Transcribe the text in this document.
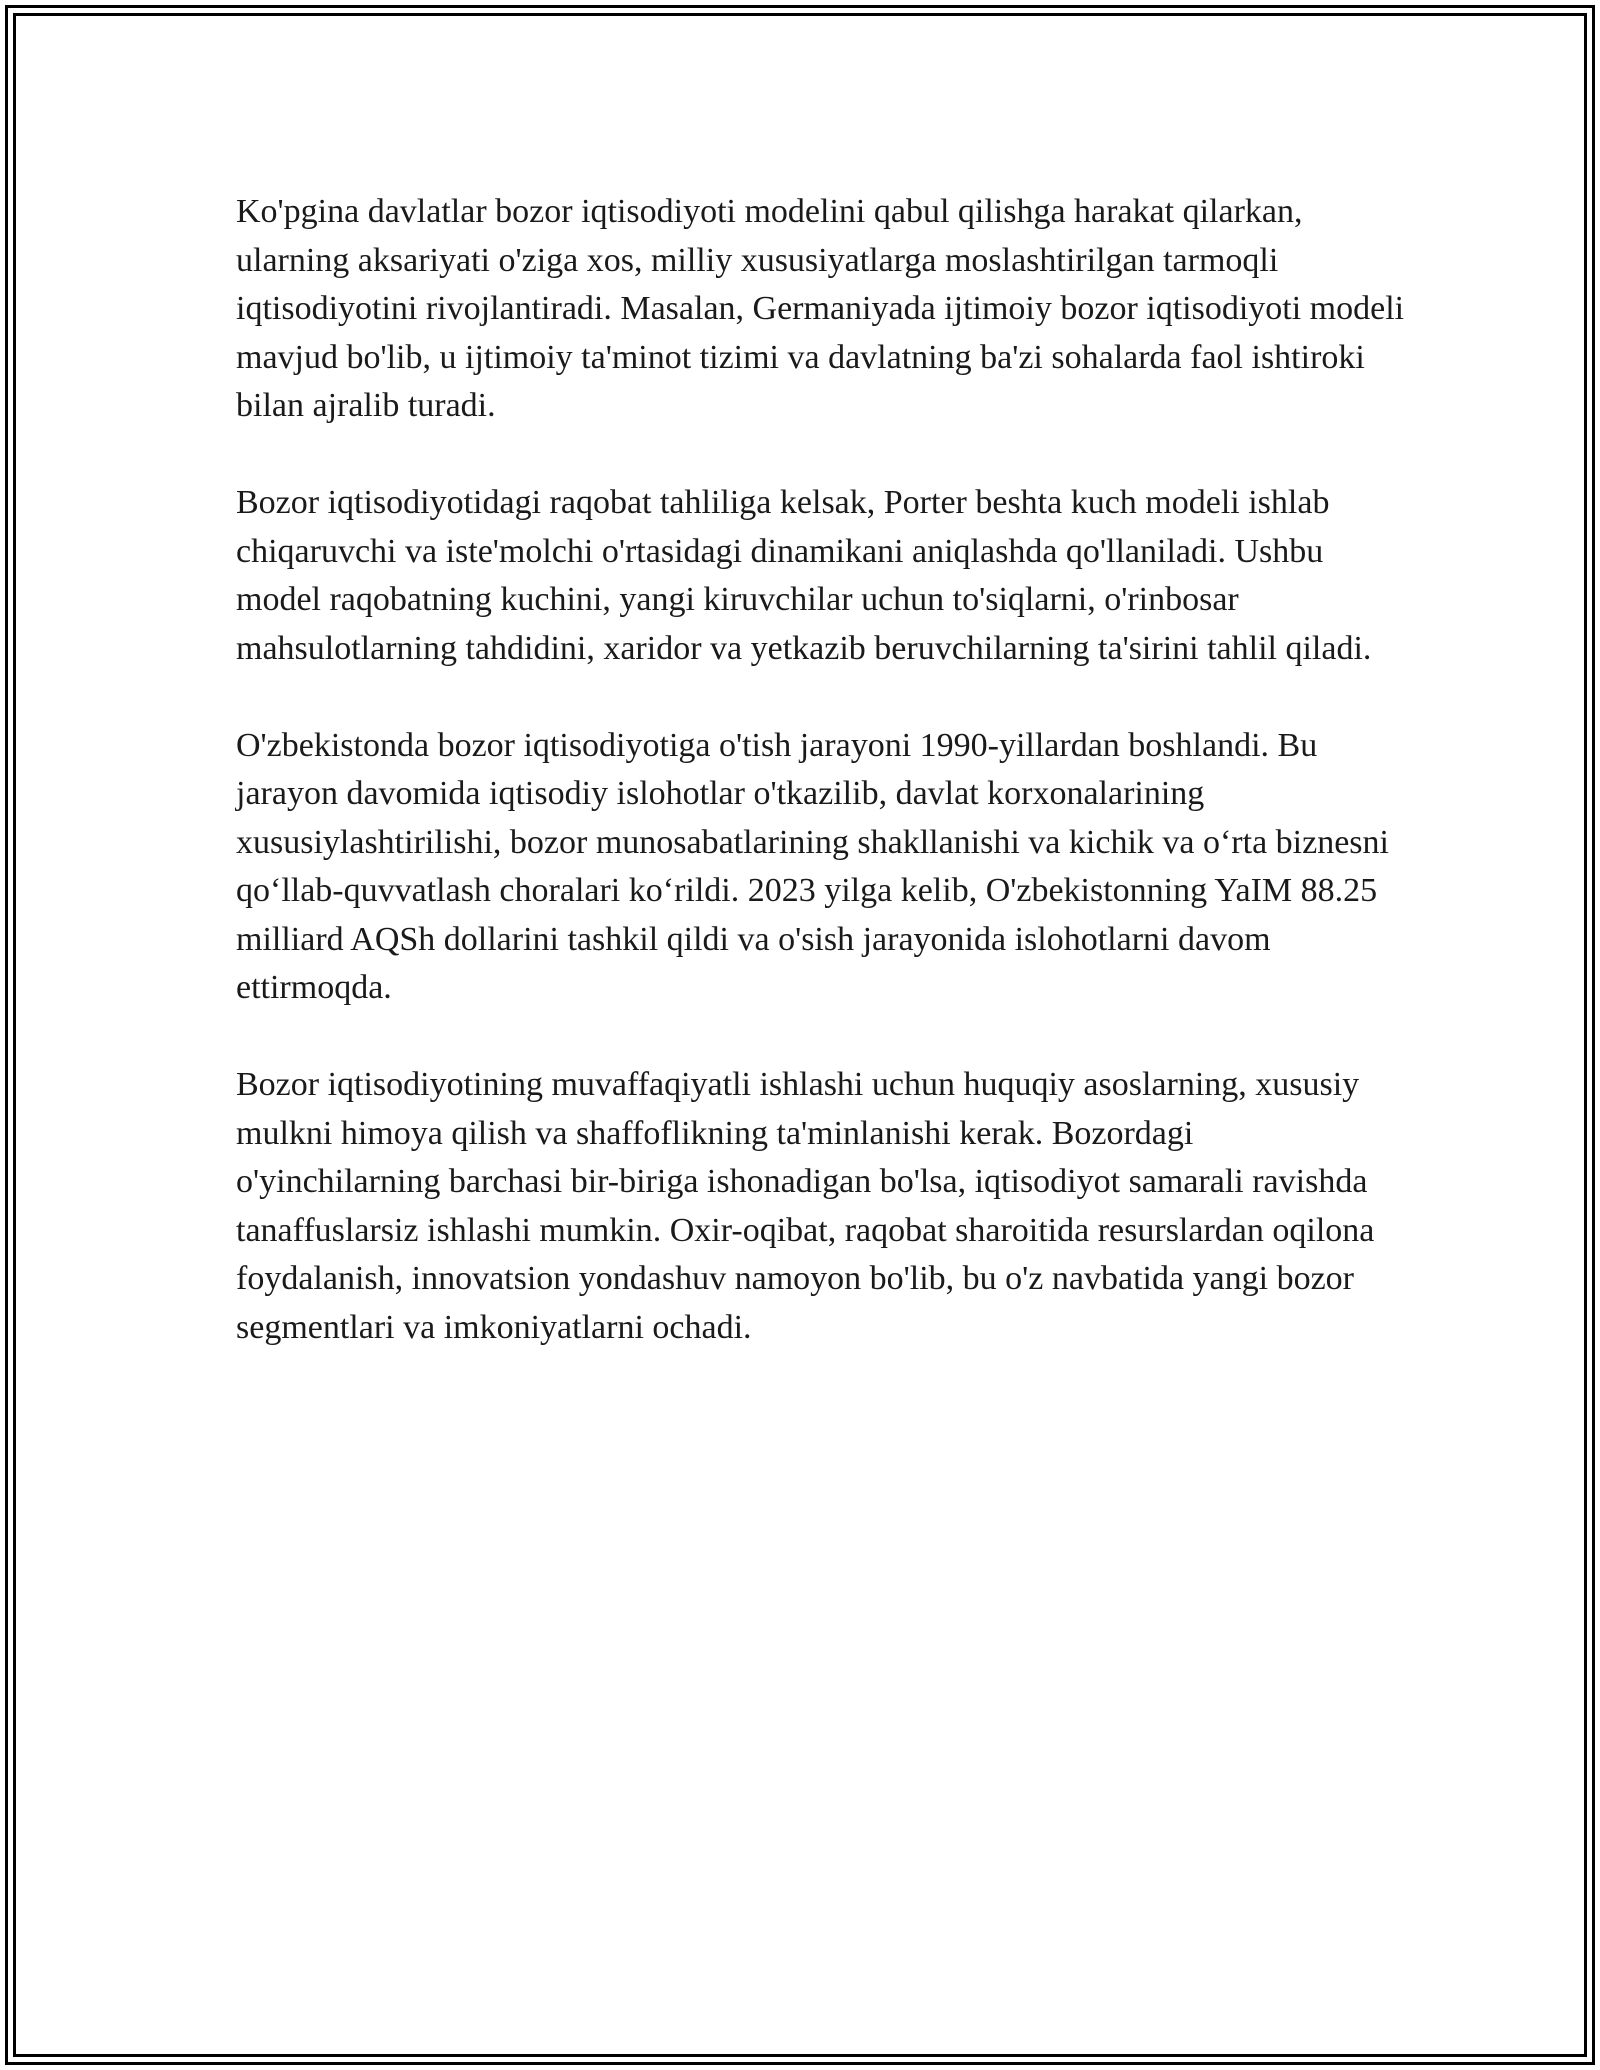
Ko'pgina davlatlar bozor iqtisodiyoti modelini qabul qilishga harakat qilarkan, ularning aksariyati o'ziga xos, milliy xususiyatlarga moslashtirilgan tarmoqli iqtisodiyotini rivojlantiradi. Masalan, Germaniyada ijtimoiy bozor iqtisodiyoti modeli mavjud bo'lib, u ijtimoiy ta'minot tizimi va davlatning ba'zi sohalarda faol ishtiroki bilan ajralib turadi.

Bozor iqtisodiyotidagi raqobat tahliliga kelsak, Porter beshta kuch modeli ishlab chiqaruvchi va iste'molchi o'rtasidagi dinamikani aniqlashda qo'llaniladi. Ushbu model raqobatning kuchini, yangi kiruvchilar uchun to'siqlarni, o'rinbosar mahsulotlarning tahdidini, xaridor va yetkazib beruvchilarning ta'sirini tahlil qiladi.

O'zbekistonda bozor iqtisodiyotiga o'tish jarayoni 1990-yillardan boshlandi. Bu jarayon davomida iqtisodiy islohotlar o'tkazilib, davlat korxonalarining xususiylashtirilishi, bozor munosabatlarining shakllanishi va kichik va o‘rta biznesni qo‘llab-quvvatlash choralari ko‘rildi. 2023 yilga kelib, O'zbekistonning YaIM 88.25 milliard AQSh dollarini tashkil qildi va o'sish jarayonida islohotlarni davom ettirmoqda.

Bozor iqtisodiyotining muvaffaqiyatli ishlashi uchun huquqiy asoslarning, xususiy mulkni himoya qilish va shaffoflikning ta'minlanishi kerak. Bozordagi o'yinchilarning barchasi bir-biriga ishonadigan bo'lsa, iqtisodiyot samarali ravishda tanaffuslarsiz ishlashi mumkin. Oxir-oqibat, raqobat sharoitida resurslardan oqilona foydalanish, innovatsion yondashuv namoyon bo'lib, bu o'z navbatida yangi bozor segmentlari va imkoniyatlarni ochadi.
